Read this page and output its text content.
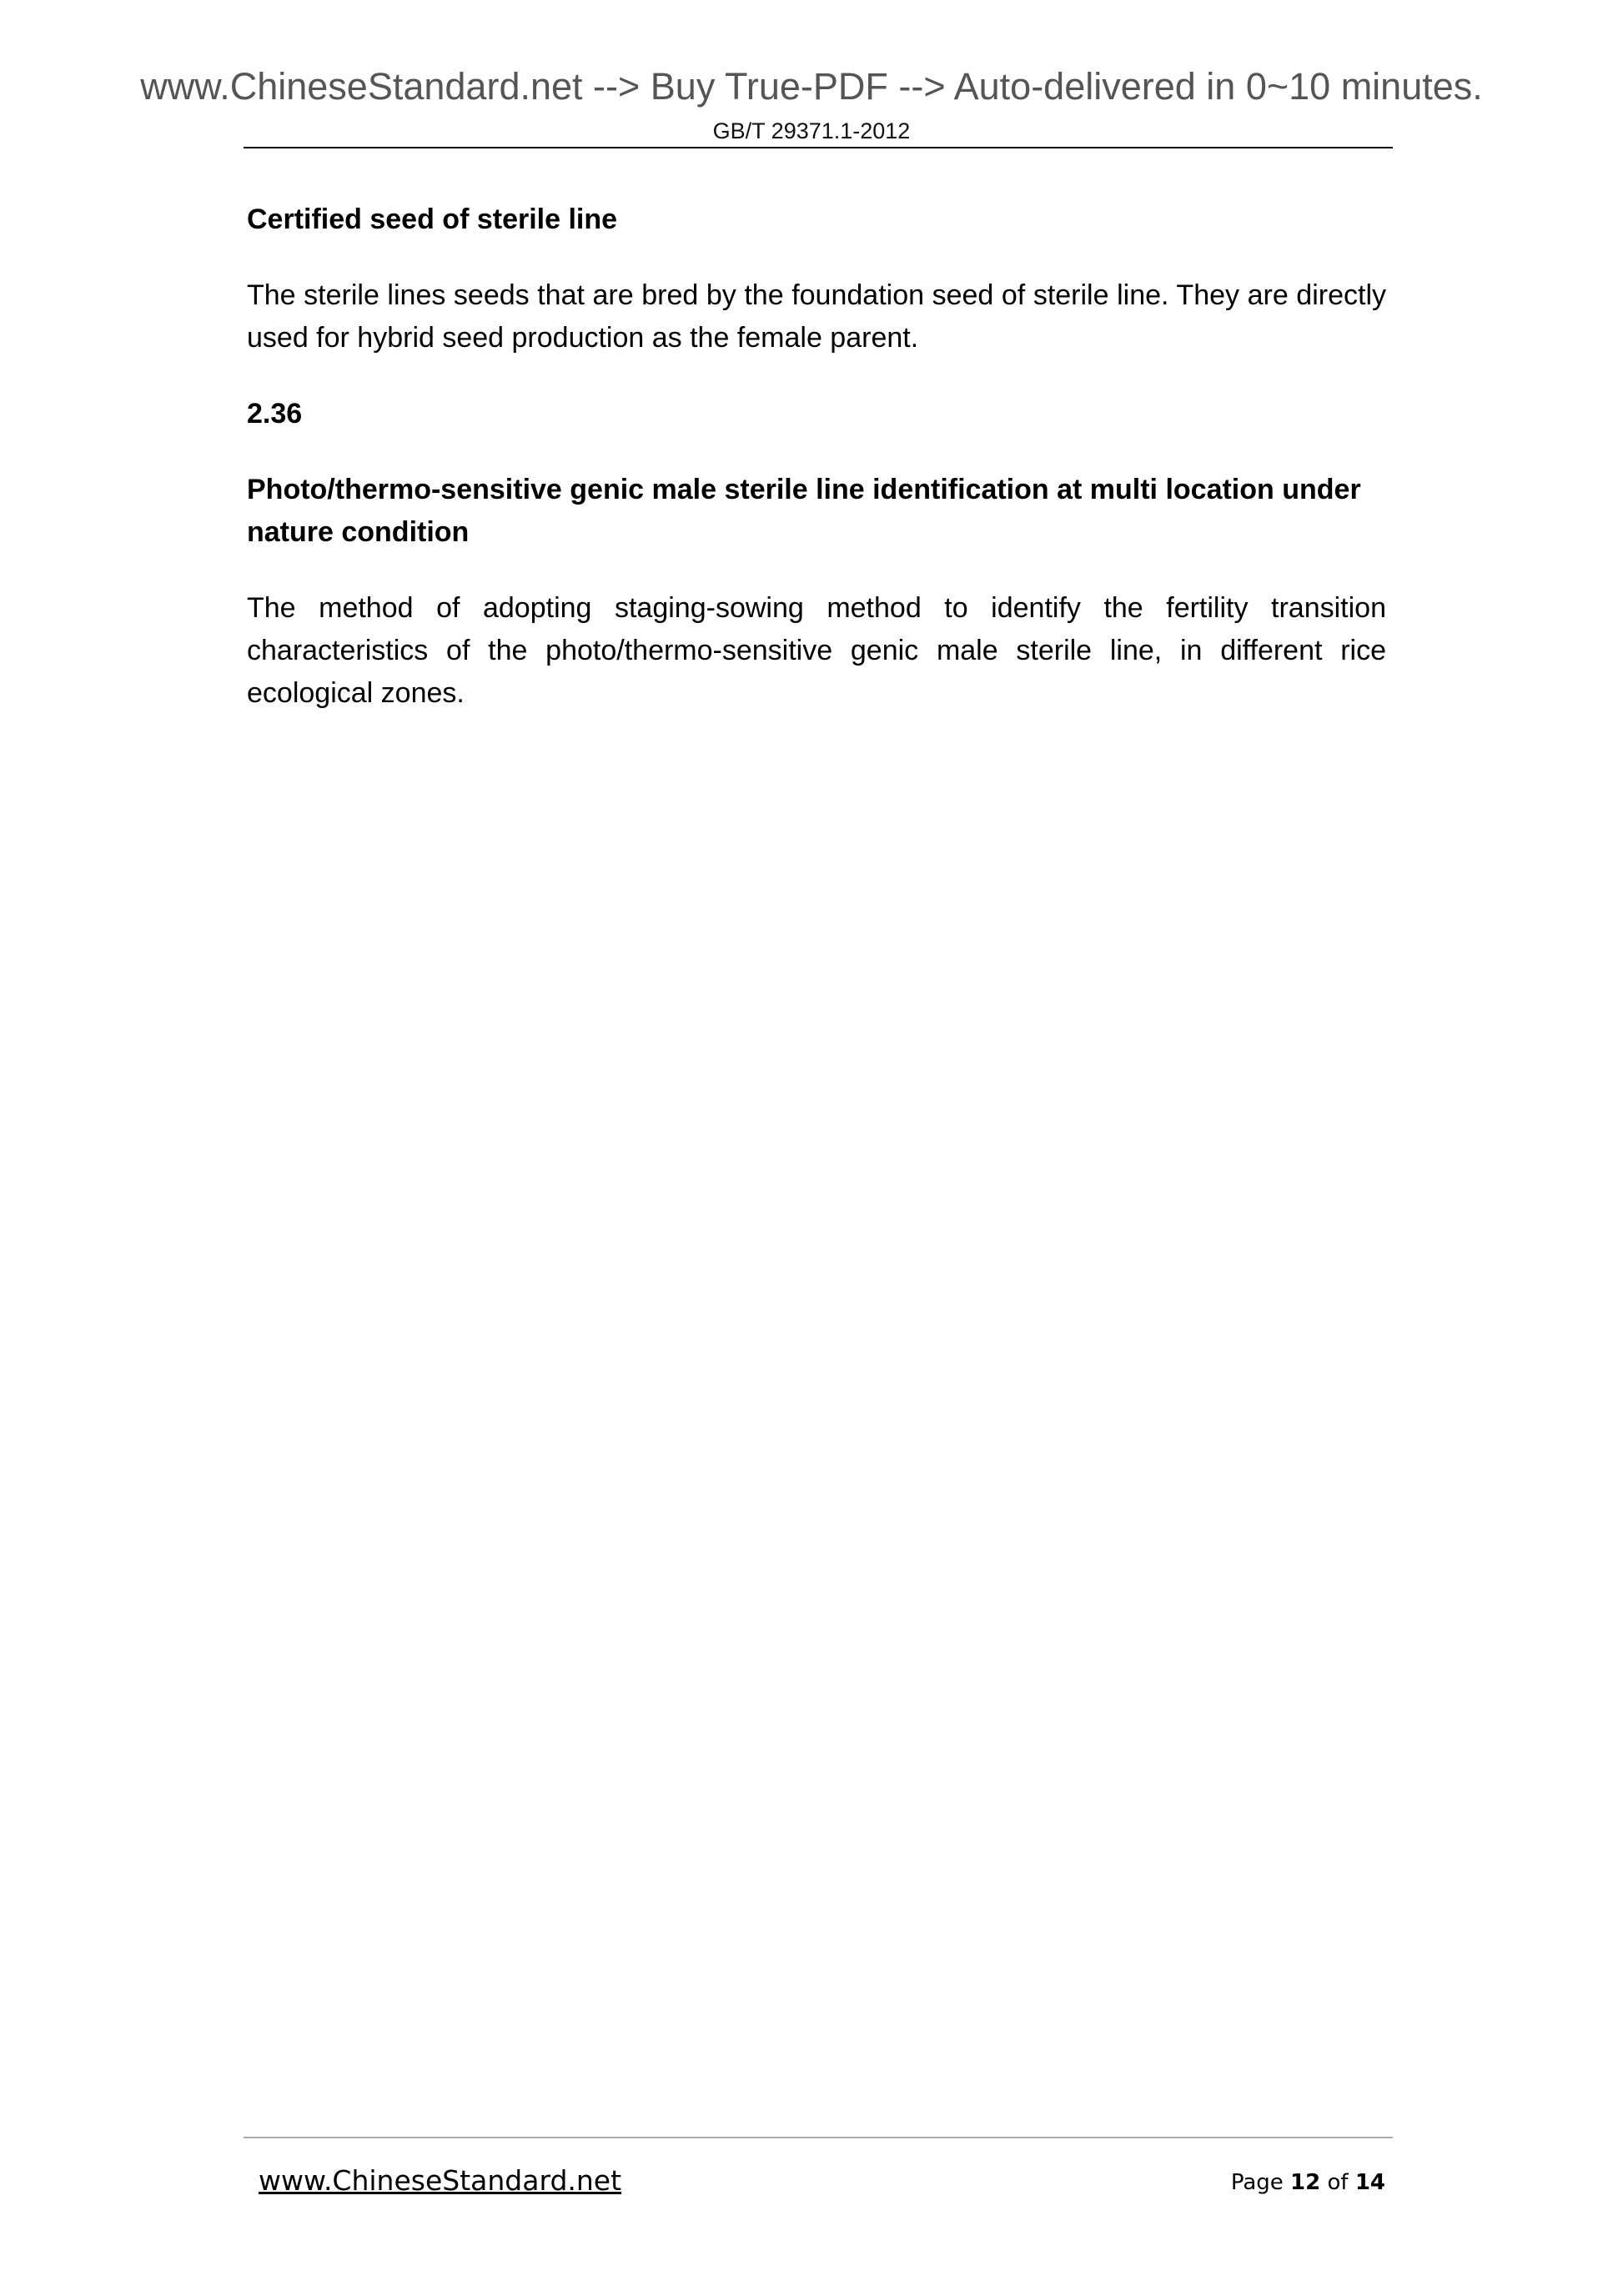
www.ChineseStandard.net --> Buy True-PDF --> Auto-delivered in 0~10 minutes.
GB/T 29371.1-2012

Certified seed of sterile line

The sterile lines seeds that are bred by the foundation seed of sterile line. They are directly used for hybrid seed production as the female parent.

2.36

Photo/thermo-sensitive genic male sterile line identification at multi location under nature condition

The method of adopting staging-sowing method to identify the fertility transition characteristics of the photo/thermo-sensitive genic male sterile line, in different rice ecological zones.

www.ChineseStandard.net	Page 12 of 14
